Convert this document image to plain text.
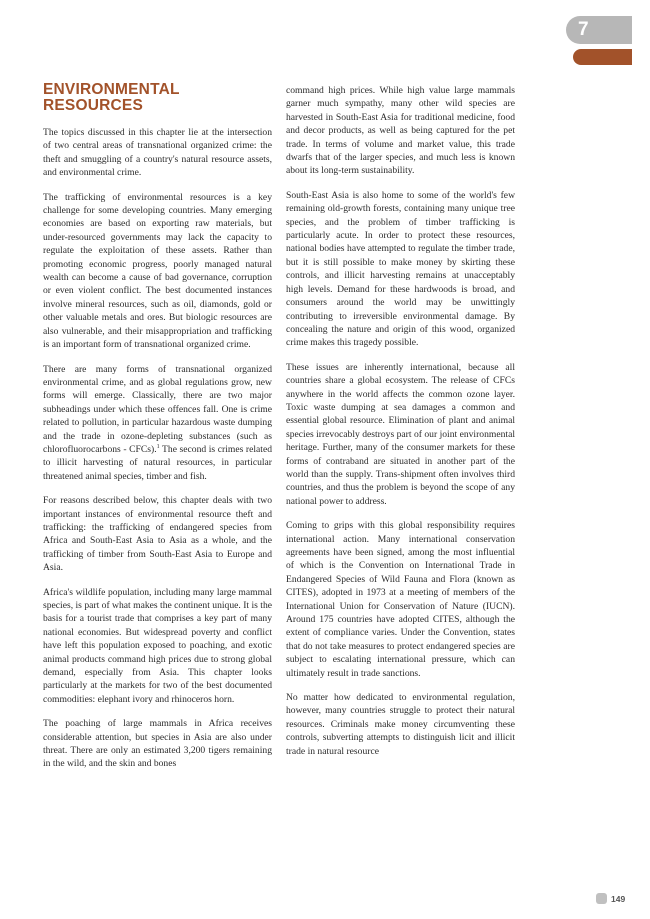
7
ENVIRONMENTAL
RESOURCES

The topics discussed in this chapter lie at the intersection of two central areas of transnational organized crime: the theft and smuggling of a country's natural resource assets, and environmental crime.

The trafficking of environmental resources is a key challenge for some developing countries. Many emerging economies are based on exporting raw materials, but under-resourced governments may lack the capacity to regulate the exploitation of these assets. Rather than promoting economic progress, poorly managed natural wealth can become a cause of bad governance, corruption or even violent conflict. The best documented instances involve mineral resources, such as oil, diamonds, gold or other valuable metals and ores. But biologic resources are also vulnerable, and their misappropriation and trafficking is an important form of transnational organized crime.

There are many forms of transnational organized environmental crime, and as global regulations grow, new forms will emerge. Classically, there are two major subheadings under which these offences fall. One is crime related to pollution, in particular hazardous waste dumping and the trade in ozone-depleting substances (such as chlorofluorocarbons - CFCs).$^1$ The second is crimes related to illicit harvesting of natural resources, in particular threatened animal species, timber and fish.

For reasons described below, this chapter deals with two important instances of environmental resource theft and trafficking: the trafficking of endangered species from Africa and South-East Asia to Asia as a whole, and the trafficking of timber from South-East Asia to Europe and Asia.

Africa's wildlife population, including many large mammal species, is part of what makes the continent unique. It is the basis for a tourist trade that comprises a key part of many national economies. But widespread poverty and conflict have left this population exposed to poaching, and exotic animal products command high prices due to strong global demand, especially from Asia. This chapter looks particularly at the markets for two of the best documented commodities: elephant ivory and rhinoceros horn.

The poaching of large mammals in Africa receives considerable attention, but species in Asia are also under threat. There are only an estimated 3,200 tigers remaining in the wild, and the skin and bones

command high prices. While high value large mammals garner much sympathy, many other wild species are harvested in South-East Asia for traditional medicine, food and decor products, as well as being captured for the pet trade. In terms of volume and market value, this trade dwarfs that of the larger species, and much less is known about its long-term sustainability.

South-East Asia is also home to some of the world's few remaining old-growth forests, containing many unique tree species, and the problem of timber trafficking is particularly acute. In order to protect these resources, national bodies have attempted to regulate the timber trade, but it is still possible to make money by skirting these controls, and illicit harvesting remains at unacceptably high levels. Demand for these hardwoods is broad, and consumers around the world may be unwittingly contributing to irreversible environmental damage. By concealing the nature and origin of this wood, organized crime makes this tragedy possible.

These issues are inherently international, because all countries share a global ecosystem. The release of CFCs anywhere in the world affects the common ozone layer. Toxic waste dumping at sea damages a common and essential global resource. Elimination of plant and animal species irrevocably destroys part of our joint environmental heritage. Further, many of the consumer markets for these forms of contraband are situated in another part of the world than the supply. Trans-shipment often involves third countries, and thus the problem is beyond the scope of any national power to address.

Coming to grips with this global responsibility requires international action. Many international conservation agreements have been signed, among the most influential of which is the Convention on International Trade in Endangered Species of Wild Fauna and Flora (known as CITES), adopted in 1973 at a meeting of members of the International Union for Conservation of Nature (IUCN). Around 175 countries have adopted CITES, although the extent of compliance varies. Under the Convention, states that do not take measures to protect endangered species are subject to escalating international pressure, which can ultimately result in trade sanctions.

No matter how dedicated to environmental regulation, however, many countries struggle to protect their natural resources. Criminals make money circumventing these controls, subverting attempts to distinguish licit and illicit trade in natural resource

149
